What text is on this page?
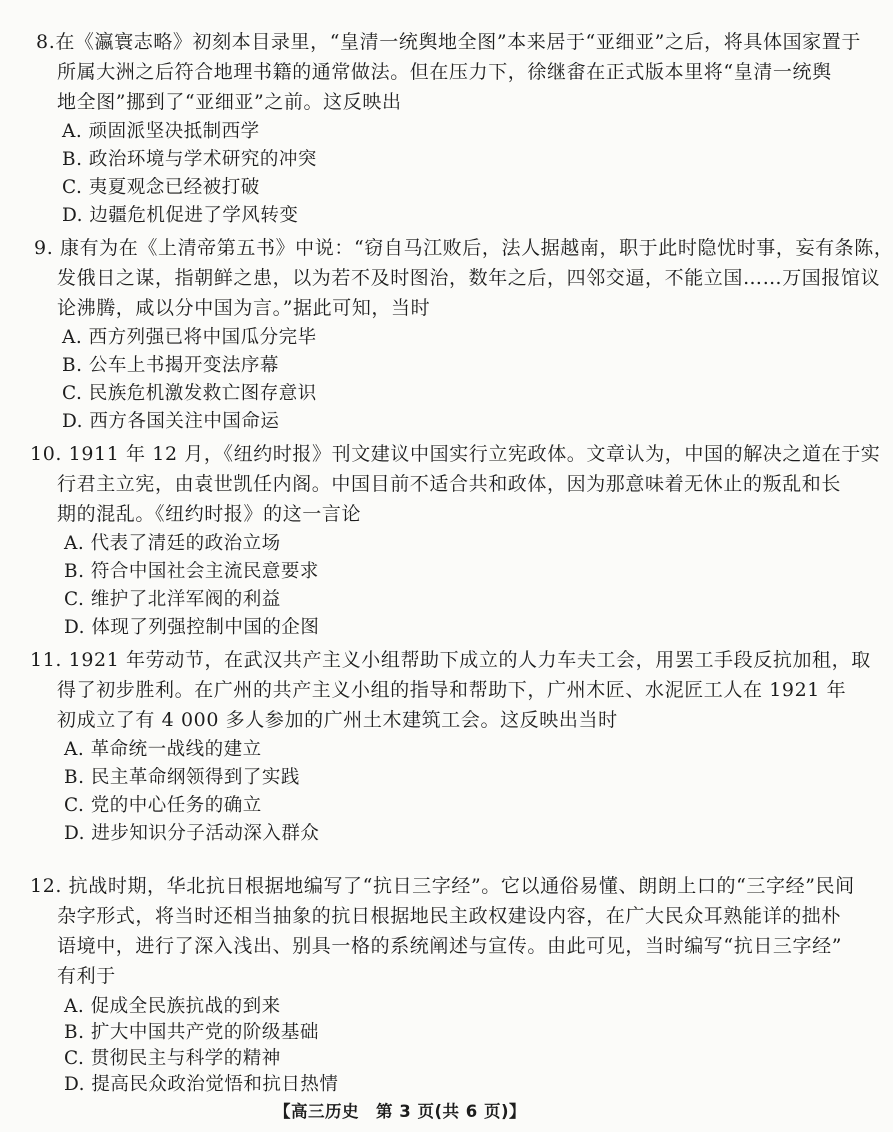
8.在《瀛寰志略》初刻本目录里，“皇清一统舆地全图”本来居于“亚细亚”之后，将具体国家置于
所属大洲之后符合地理书籍的通常做法。但在压力下，徐继畬在正式版本里将“皇清一统舆
地全图”挪到了“亚细亚”之前。这反映出
A. 顽固派坚决抵制西学
B. 政治环境与学术研究的冲突
C. 夷夏观念已经被打破
D. 边疆危机促进了学风转变
9. 康有为在《上清帝第五书》中说：“窃自马江败后，法人据越南，职于此时隐忧时事，妄有条陈，
发俄日之谋，指朝鲜之患，以为若不及时图治，数年之后，四邻交逼，不能立国……万国报馆议
论沸腾，咸以分中国为言。”据此可知，当时
A. 西方列强已将中国瓜分完毕
B. 公车上书揭开变法序幕
C. 民族危机激发救亡图存意识
D. 西方各国关注中国命运
10. 1911 年 12 月，《纽约时报》刊文建议中国实行立宪政体。文章认为，中国的解决之道在于实
行君主立宪，由袁世凯任内阁。中国目前不适合共和政体，因为那意味着无休止的叛乱和长
期的混乱。《纽约时报》的这一言论
A. 代表了清廷的政治立场
B. 符合中国社会主流民意要求
C. 维护了北洋军阀的利益
D. 体现了列强控制中国的企图
11. 1921 年劳动节，在武汉共产主义小组帮助下成立的人力车夫工会，用罢工手段反抗加租，取
得了初步胜利。在广州的共产主义小组的指导和帮助下，广州木匠、水泥匠工人在 1921 年
初成立了有 4 000 多人参加的广州土木建筑工会。这反映出当时
A. 革命统一战线的建立
B. 民主革命纲领得到了实践
C. 党的中心任务的确立
D. 进步知识分子活动深入群众
12. 抗战时期，华北抗日根据地编写了“抗日三字经”。它以通俗易懂、朗朗上口的“三字经”民间
杂字形式，将当时还相当抽象的抗日根据地民主政权建设内容，在广大民众耳熟能详的拙朴
语境中，进行了深入浅出、别具一格的系统阐述与宣传。由此可见，当时编写“抗日三字经”
有利于
A. 促成全民族抗战的到来
B. 扩大中国共产党的阶级基础
C. 贯彻民主与科学的精神
D. 提高民众政治觉悟和抗日热情
【高三历史　第 3 页(共 6 页)】
